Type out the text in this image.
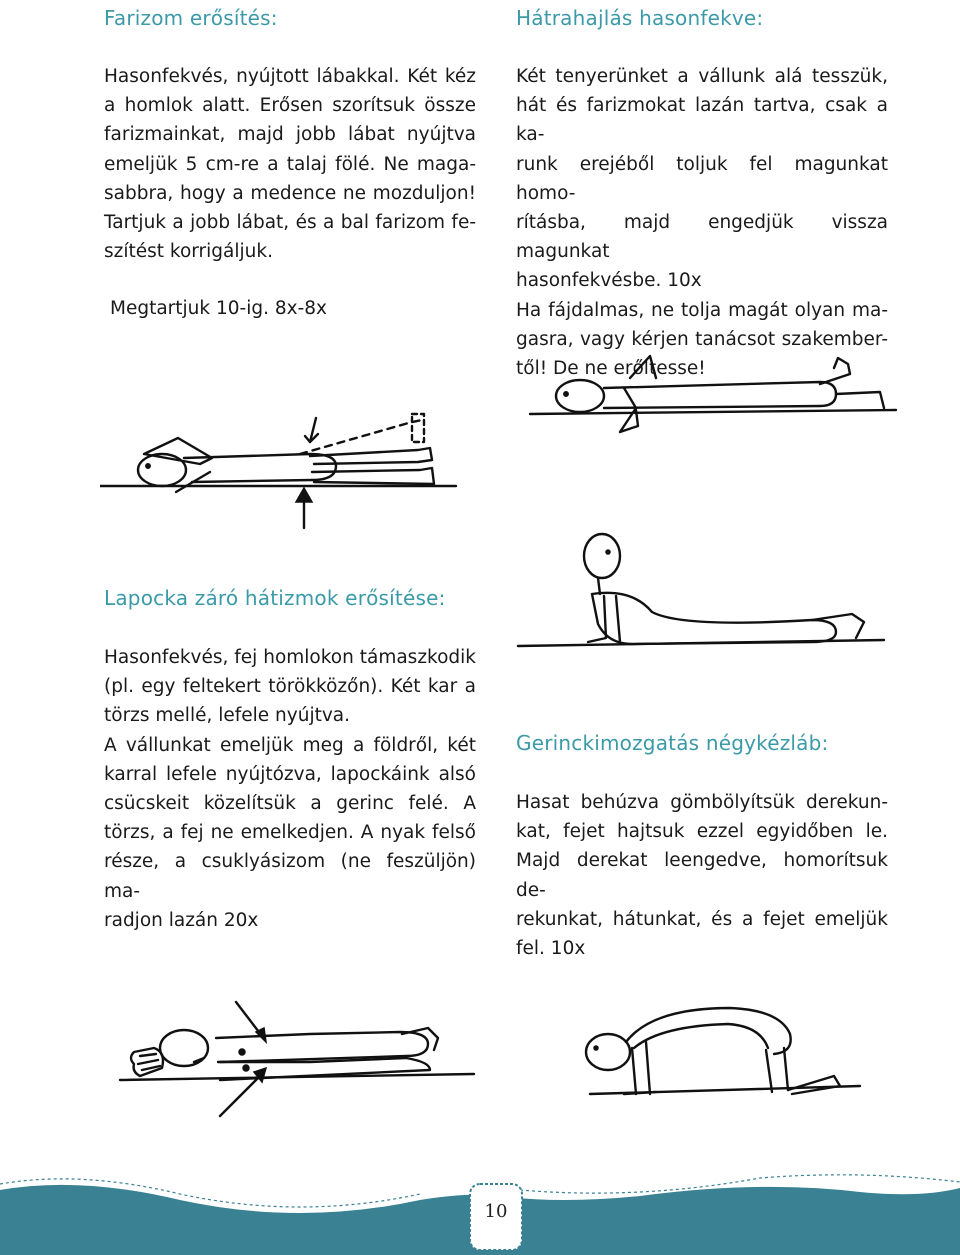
Farizom erősítés:

Hasonfekvés, nyújtott lábakkal. Két kéz
a homlok alatt. Erősen szorítsuk össze
farizmainkat, majd jobb lábat nyújtva
emeljük 5 cm-re a talaj fölé. Ne maga-
sabbra, hogy a medence ne mozduljon!
Tartjuk a jobb lábat, és a bal farizom fe-
szítést korrigáljuk.

Megtartjuk 10-ig. 8x-8x

Hátrahajlás hasonfekve:

Két tenyerünket a vállunk alá tesszük,
hát és farizmokat lazán tartva, csak a ka-
runk erejéből toljuk fel magunkat homo-
rításba, majd engedjük vissza magunkat
hasonfekvésbe. 10x
Ha fájdalmas, ne tolja magát olyan ma-
gasra, vagy kérjen tanácsot szakember-
től! De ne erőltesse!

Lapocka záró hátizmok erősítése:

Hasonfekvés, fej homlokon támaszkodik
(pl. egy feltekert törökközőn). Két kar a
törzs mellé, lefele nyújtva.
A vállunkat emeljük meg a földről, két
karral lefele nyújtózva, lapockáink alsó
csücskeit közelítsük a gerinc felé. A
törzs, a fej ne emelkedjen. A nyak felső
része, a csuklyásizom (ne feszüljön) ma-
radjon lazán 20x

Gerinckimozgatás négykézláb:

Hasat behúzva gömbölyítsük derekun-
kat, fejet hajtsuk ezzel egyidőben le.
Majd derekat leengedve, homorítsuk de-
rekunkat, hátunkat, és a fejet emeljük
fel. 10x

10
